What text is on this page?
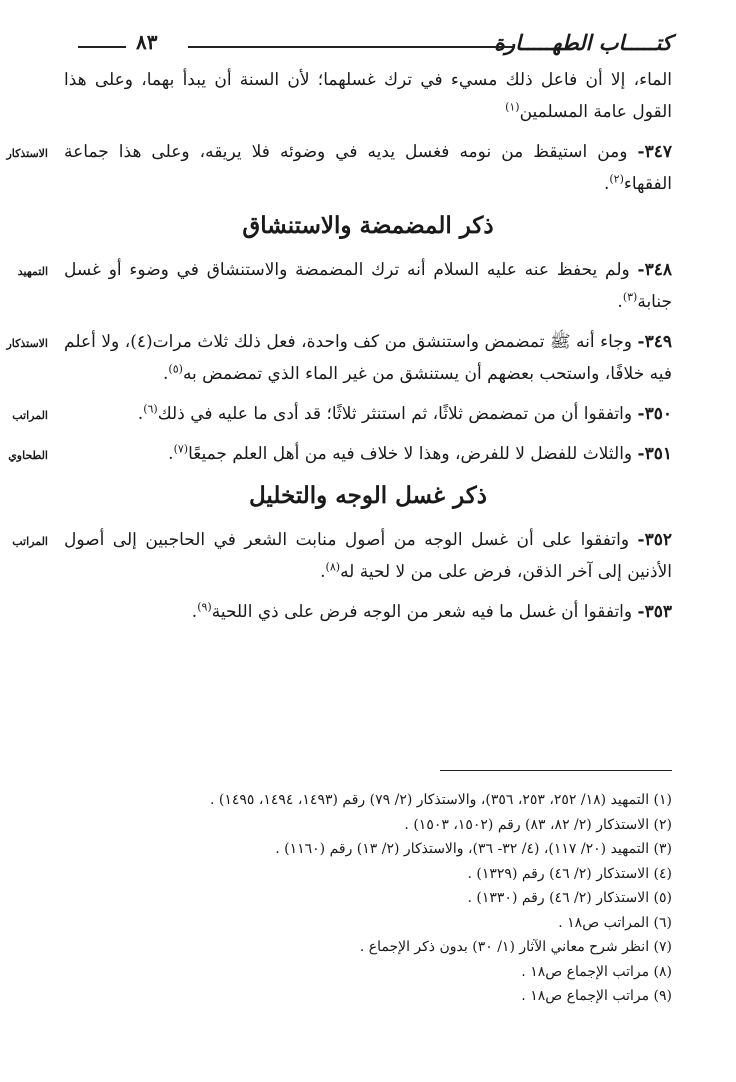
كتـــــاب الطهـــــارة
٨٣

الماء، إلا أن فاعل ذلك مسيء في ترك غسلهما؛ لأن السنة أن يبدأ بهما، وعلى هذا القول عامة المسلمين$^{(١)}$

الاستذكار	٣٤٧- ومن استيقظ من نومه فغسل يديه في وضوئه فلا يريقه، وعلى هذا جماعة الفقهاء$^{(٢)}$.

ذكر المضمضة والاستنشاق

التمهيد	٣٤٨- ولم يحفظ عنه عليه السلام أنه ترك المضمضة والاستنشاق في وضوء أو غسل جنابة$^{(٣)}$.

الاستذكار	٣٤٩- وجاء أنه ﷺ تمضمض واستنشق من كف واحدة، فعل ذلك ثلاث مرات(٤)، ولا أعلم فيه خلافًا، واستحب بعضهم أن يستنشق من غير الماء الذي تمضمض به$^{(٥)}$.

المراتب	٣٥٠- واتفقوا أن من تمضمض ثلاثًا، ثم استنثر ثلاثًا؛ قد أدى ما عليه في ذلك$^{(٦)}$.

الطحاوي	٣٥١- والثلاث للفضل لا للفرض، وهذا لا خلاف فيه من أهل العلم جميعًا$^{(٧)}$.

ذكر غسل الوجه والتخليل

المراتب	٣٥٢- واتفقوا على أن غسل الوجه من أصول منابت الشعر في الحاجبين إلى أصول الأذنين إلى آخر الذقن، فرض على من لا لحية له$^{(٨)}$.

٣٥٣- واتفقوا أن غسل ما فيه شعر من الوجه فرض على ذي اللحية$^{(٩)}$.

(١) التمهيد (١٨/ ٢٥٢، ٢٥٣، ٣٥٦)، والاستذكار (٢/ ٧٩) رقم (١٤٩٣، ١٤٩٤، ١٤٩٥) .

(٢) الاستذكار (٢/ ٨٢، ٨٣) رقم (١٥٠٢، ١٥٠٣) .

(٣) التمهيد (٢٠/ ١١٧)، (٤/ ٣٢- ٣٦)، والاستذكار (٢/ ١٣) رقم (١١٦٠) .

(٤) الاستذكار (٢/ ٤٦) رقم (١٣٢٩) .

(٥) الاستذكار (٢/ ٤٦) رقم (١٣٣٠) .

(٦) المراتب ص١٨ .

(٧) انظر شرح معاني الآثار (١/ ٣٠) بدون ذكر الإجماع .

(٨) مراتب الإجماع ص١٨ .

(٩) مراتب الإجماع ص١٨ .
